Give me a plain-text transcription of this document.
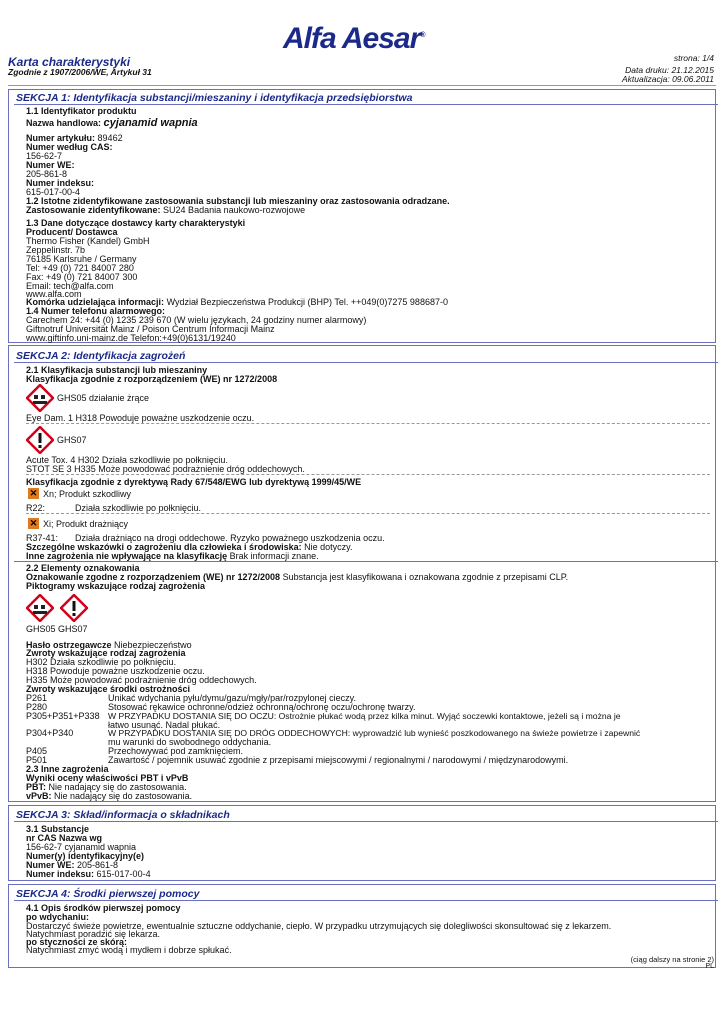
Alfa Aesar®
Karta charakterystyki
Zgodnie z 1907/2006/WE, Artykuł 31
strona: 1/4
Data druku: 21.12.2015
Aktualizacja: 09.06.2011
SEKCJA 1: Identyfikacja substancji/mieszaniny i identyfikacja przedsiębiorstwa
1.1 Identyfikator produktu
Nazwa handlowa: cyjanamid wapnia
Numer artykułu: 89462
Numer według CAS:
156-62-7
Numer WE:
205-861-8
Numer indeksu:
615-017-00-4
1.2 Istotne zidentyfikowane zastosowania substancji lub mieszaniny oraz zastosowania odradzane.
Zastosowanie zidentyfikowane: SU24 Badania naukowo-rozwojowe
1.3 Dane dotyczące dostawcy karty charakterystyki
Producent/ Dostawca
Thermo Fisher (Kandel) GmbH
Zeppelinstr. 7b
76185 Karlsruhe / Germany
Tel: +49 (0) 721 84007 280
Fax: +49 (0) 721 84007 300
Email: tech@alfa.com
www.alfa.com
Komórka udzielająca informacji: Wydział Bezpieczeństwa Produkcji (BHP) Tel. ++049(0)7275 988687-0
1.4 Numer telefonu alarmowego:
Carechem 24: +44 (0) 1235 239 670 (W wielu językach, 24 godziny numer alarmowy)
Giftnotruf Universität Mainz / Poison Centrum Informacji Mainz
www.giftinfo.uni-mainz.de Telefon:+49(0)6131/19240
SEKCJA 2: Identyfikacja zagrożeń
2.1 Klasyfikacja substancji lub mieszaniny
Klasyfikacja zgodnie z rozporządzeniem (WE) nr 1272/2008
GHS05 działanie żrące
Eye Dam. 1 H318 Powoduje poważne uszkodzenie oczu.
GHS07
Acute Tox. 4 H302 Działa szkodliwie po połknięciu.
STOT SE 3 H335 Może powodować podrażnienie dróg oddechowych.
Klasyfikacja zgodnie z dyrektywą Rady 67/548/EWG lub dyrektywą 1999/45/WE
✕ Xn; Produkt szkodliwy
R22:	Działa szkodliwie po połknięciu.
✕ Xi; Produkt drażniący
R37-41: Działa drażniąco na drogi oddechowe. Ryzyko poważnego uszkodzenia oczu.
Szczególne wskazówki o zagrożeniu dla człowieka i środowiska: Nie dotyczy.
Inne zagrożenia nie wpływające na klasyfikację Brak informacji znane.
2.2 Elementy oznakowania
Oznakowanie zgodne z rozporządzeniem (WE) nr 1272/2008 Substancja jest klasyfikowana i oznakowana zgodnie z przepisami CLP.
Piktogramy wskazujące rodzaj zagrożenia
GHS05 GHS07
Hasło ostrzegawcze Niebezpieczeństwo
Zwroty wskazujące rodzaj zagrożenia
H302 Działa szkodliwie po połknięciu.
H318 Powoduje poważne uszkodzenie oczu.
H335 Może powodować podrażnienie dróg oddechowych.
Zwroty wskazujące środki ostrożności
P261	Unikać wdychania pyłu/dymu/gazu/mgły/par/rozpylonej cieczy.
P280	Stosować rękawice ochronne/odzież ochronną/ochronę oczu/ochronę twarzy.
P305+P351+P338 W PRZYPADKU DOSTANIA SIĘ DO OCZU: Ostrożnie płukać wodą przez kilka minut. Wyjąć soczewki kontaktowe, jeżeli są i można je
łatwo usunąć. Nadal płukać.
P304+P340	W PRZYPADKU DOSTANIA SIĘ DO DRÓG ODDECHOWYCH: wyprowadzić lub wynieść poszkodowanego na świeże powietrze i zapewnić
mu warunki do swobodnego oddychania.
P405	Przechowywać pod zamknięciem.
P501	Zawartość / pojemnik usuwać zgodnie z przepisami miejscowymi / regionalnymi / narodowymi / międzynarodowymi.
2.3 Inne zagrożenia
Wyniki oceny właściwości PBT i vPvB
PBT: Nie nadający się do zastosowania.
vPvB: Nie nadający się do zastosowania.
SEKCJA 3: Skład/informacja o składnikach
3.1 Substancje
nr CAS Nazwa wg
156-62-7 cyjanamid wapnia
Numer(y) identyfikacyjny(e)
Numer WE: 205-861-8
Numer indeksu: 615-017-00-4
SEKCJA 4: Środki pierwszej pomocy
4.1 Opis środków pierwszej pomocy
po wdychaniu:
Dostarczyć świeże powietrze, ewentualnie sztuczne oddychanie, ciepło. W przypadku utrzymujących się dolegliwości skonsultować się z lekarzem.
Natychmiast poradzić się lekarza.
po styczności ze skórą:
Natychmiast zmyć wodą i mydłem i dobrze spłukać.
(ciąg dalszy na stronie 2)
PL
